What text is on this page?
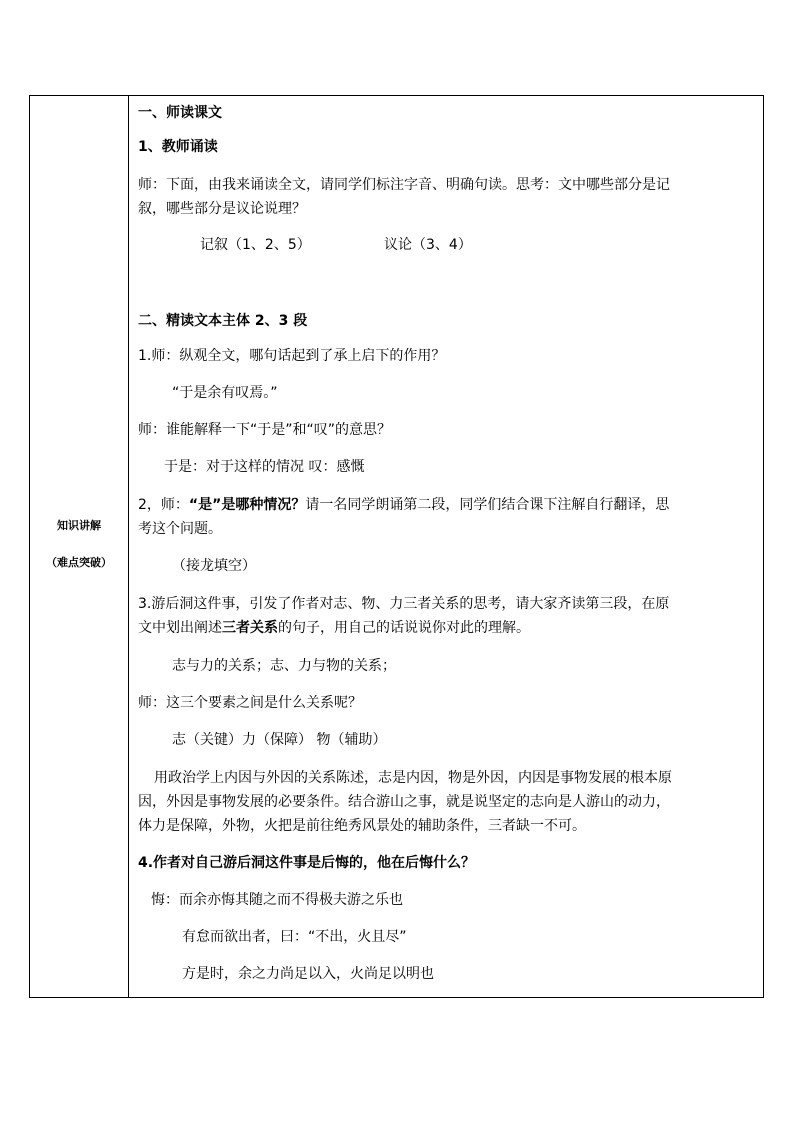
知识讲解
（难点突破）
一、师读课文
1、教师诵读
师：下面，由我来诵读全文，请同学们标注字音、明确句读。思考：文中哪些部分是记
叙，哪些部分是议论说理？
记叙（1、2、5）	议论（3、4）
二、精读文本主体 2、3 段
1.师：纵观全文，哪句话起到了承上启下的作用？
“于是余有叹焉。”
师：谁能解释一下“于是”和“叹”的意思？
于是：对于这样的情况 叹：感慨
2，师：“是”是哪种情况？请一名同学朗诵第二段，同学们结合课下注解自行翻译，思
考这个问题。
（接龙填空）
3.游后洞这件事，引发了作者对志、物、力三者关系的思考，请大家齐读第三段，在原
文中划出阐述三者关系的句子，用自己的话说说你对此的理解。
志与力的关系；志、力与物的关系；
师：这三个要素之间是什么关系呢？
志（关键）力（保障） 物（辅助）
用政治学上内因与外因的关系陈述，志是内因，物是外因，内因是事物发展的根本原
因，外因是事物发展的必要条件。结合游山之事，就是说坚定的志向是人游山的动力，
体力是保障，外物，火把是前往绝秀风景处的辅助条件，三者缺一不可。
4.作者对自己游后洞这件事是后悔的，他在后悔什么？
悔：而余亦悔其随之而不得极夫游之乐也
有怠而欲出者，曰：“不出，火且尽”
方是时，余之力尚足以入，火尚足以明也
